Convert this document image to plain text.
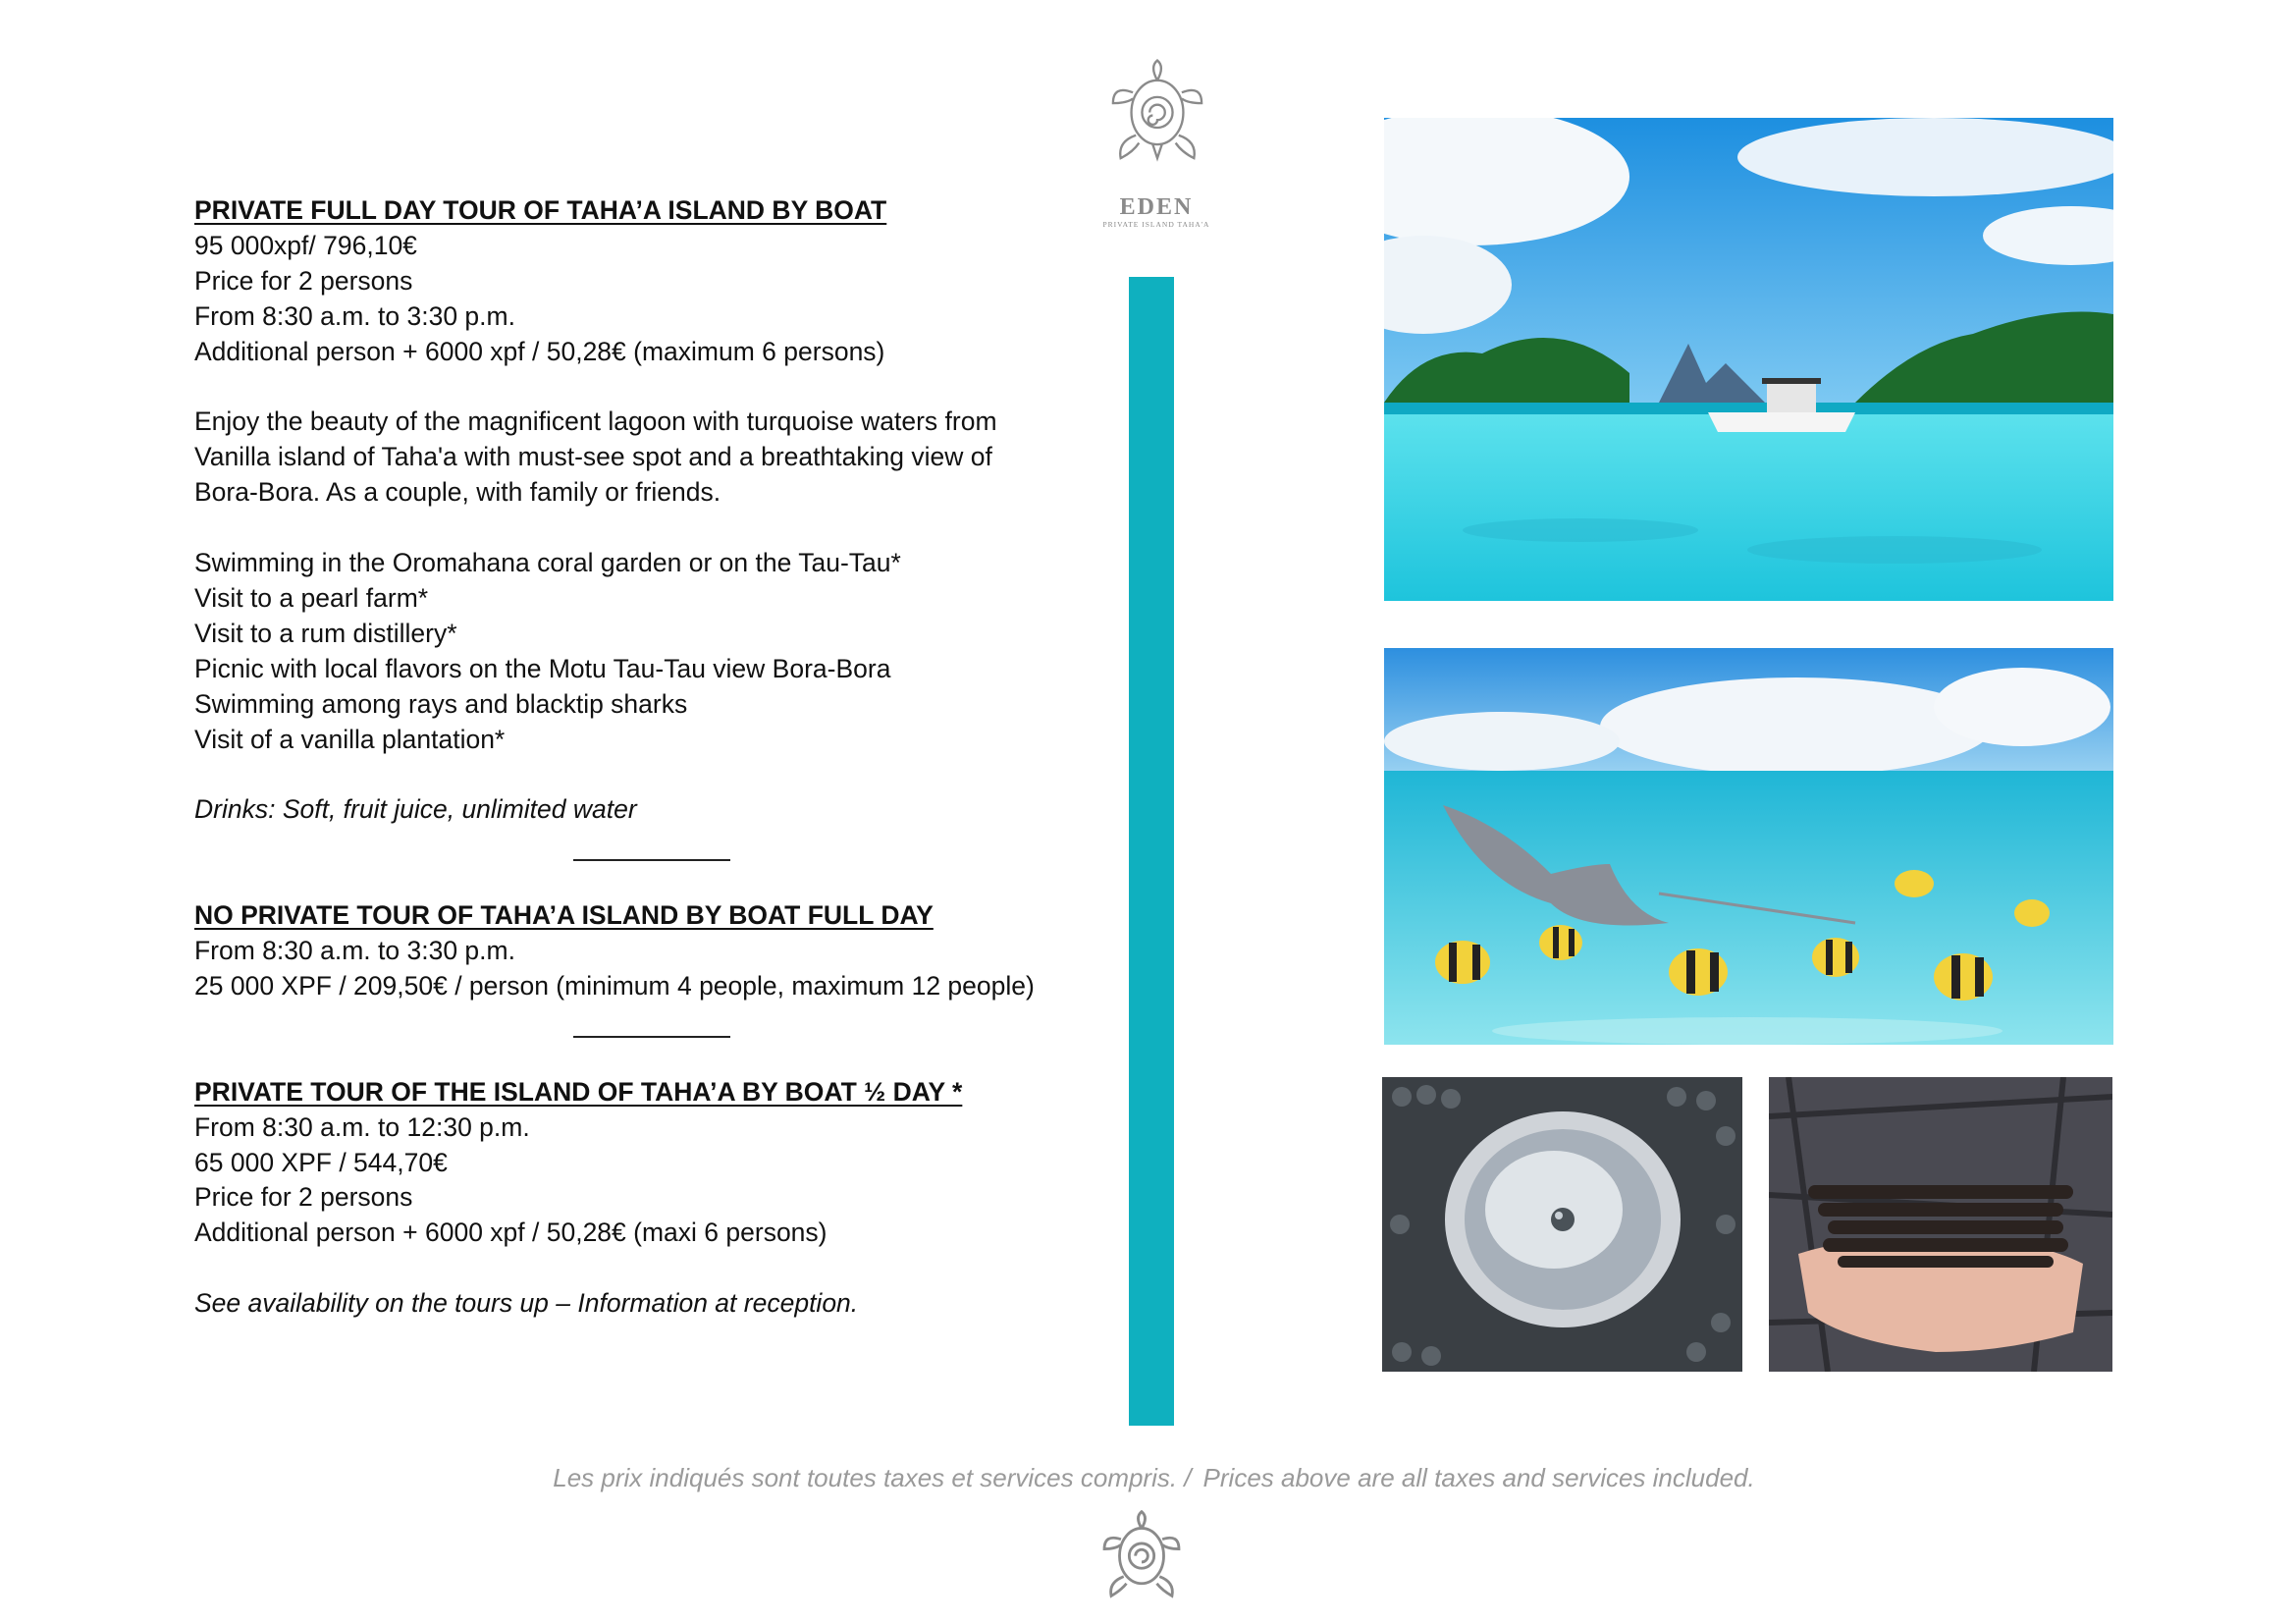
EDEN
PRIVATE ISLAND TAHA'A
PRIVATE FULL DAY TOUR OF TAHA’A ISLAND BY BOAT
95 000xpf/ 796,10€
Price for 2 persons
From 8:30 a.m. to 3:30 p.m.
Additional person + 6000 xpf / 50,28€ (maximum 6 persons)
Enjoy the beauty of the magnificent lagoon with turquoise waters from
Vanilla island of Taha'a with must-see spot and a breathtaking view of
Bora-Bora. As a couple, with family or friends.
Swimming in the Oromahana coral garden or on the Tau-Tau*
Visit to a pearl farm*
Visit to a rum distillery*
Picnic with local flavors on the Motu Tau-Tau view Bora-Bora
Swimming among rays and blacktip sharks
Visit of a vanilla plantation*
Drinks: Soft, fruit juice, unlimited water
NO PRIVATE TOUR OF TAHA’A ISLAND BY BOAT FULL DAY
From 8:30 a.m. to 3:30 p.m.
25 000 XPF / 209,50€ / person (minimum 4 people, maximum 12 people)
PRIVATE TOUR OF THE ISLAND OF TAHA’A BY BOAT ½ DAY *
From 8:30 a.m. to 12:30 p.m.
65 000 XPF / 544,70€
Price for 2 persons
Additional person + 6000 xpf / 50,28€ (maxi 6 persons)
See availability on the tours up – Information at reception.
Les prix indiqués sont toutes taxes et services compris. / Prices above are all taxes and services included.
